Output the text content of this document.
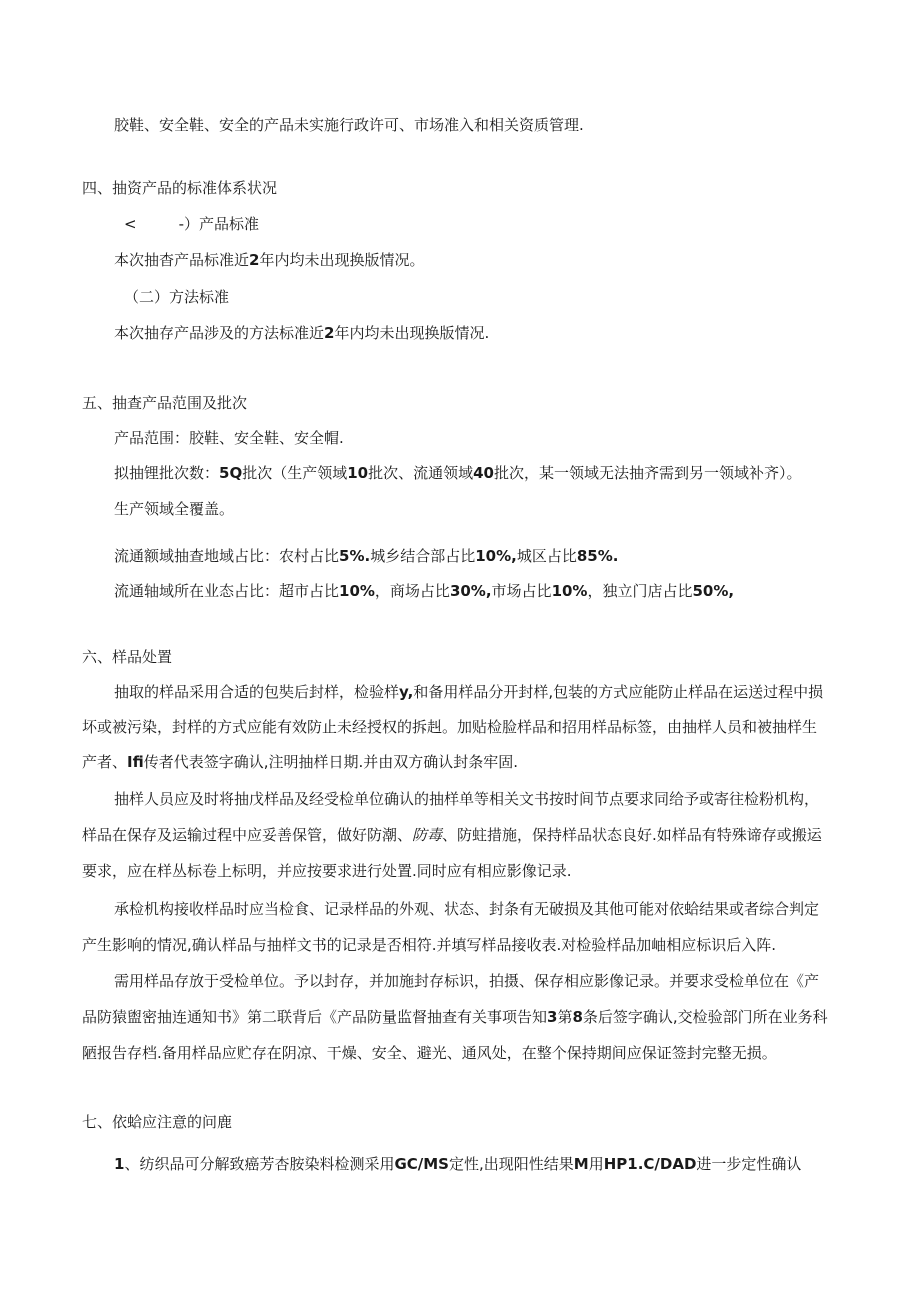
胶鞋、安全鞋、安全的产品未实施行政许可、市场准入和相关资质管理.
四、抽资产品的标准体系状况
<	-）产品标准
本次抽杳产品标准近2年内均未出现换版情况。
（二）方法标准
本次抽存产品涉及的方法标准近2年内均未出现换版情况.
五、抽查产品范围及批次
产品范围：胶鞋、安全鞋、安全帽.
拟抽锂批次数：5Q批次（生产领域10批次、流通领域40批次，某一领域无法抽齐需到另一领域补齐）。
生产领域全覆盖。
流通额域抽查地域占比：农村占比5%.城乡结合部占比10%,城区占比85%.
流通轴域所在业态占比：超市占比10%，商场占比30%,市场占比10%，独立门店占比50%,
六、样品处置
抽取的样品采用合适的包奘后封样，检验样y,和备用样品分开封样,包装的方式应能防止样品在运送过程中损
坏或被污染，封样的方式应能有效防止未经授权的拆赳。加贴检脸样品和招用样品标签，由抽样人员和被抽样生
产者、Ifi传者代表签字确认,注明抽样日期.并由双方确认封条牢固.
抽样人员应及时将抽戊样品及经受检单位确认的抽样单等相关文书按时间节点要求同给予或寄往检粉机构，
样品在保存及运输过程中应妥善保管，做好防潮、防毒、防蛀措施，保持样品状态良好.如样品有特殊谛存或搬运
要求，应在样丛标卷上标明，并应按要求进行处置.同时应有相应影像记录.
承检机构接收样品时应当检食、记录样品的外观、状态、封条有无破损及其他可能对依蛤结果或者综合判定
产生影响的情况,确认样品与抽样文书的记录是否相符.并填写样品接收表.对检验样品加岫相应标识后入阵.
需用样品存放于受检单位。予以封存，并加施封存标识，拍摄、保存相应影像记录。并要求受检单位在《产
品防猿盥密抽连通知书》第二联背后《产品防量监督抽查有关事项告知3第8条后签字确认,交检验部门所在业务科
陋报告存档.备用样品应贮存在阴凉、干燥、安全、避光、通风处，在整个保持期间应保证签封完整无损。
七、依蛤应注意的问鹿
1、纺织品可分解致癌芳杏胺染料检测采用GC/MS定性,出现阳性结果M用HP1.C/DAD进一步定性确认
